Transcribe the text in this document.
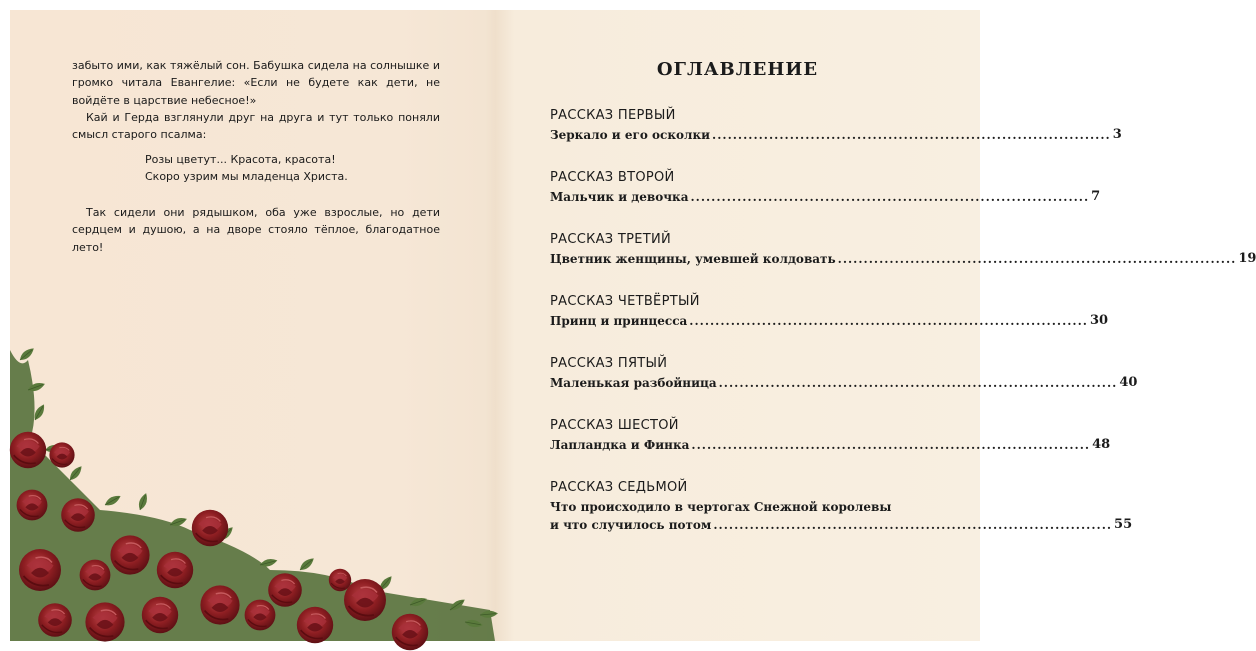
забыто ими, как тяжёлый сон. Бабушка сидела на солнышке и громко читала Евангелие: «Если не будете как дети, не войдёте в царствие небесное!»

Кай и Герда взглянули друг на друга и тут только поняли смысл старого псалма:

Розы цветут... Красота, красота!
Скоро узрим мы младенца Христа.

Так сидели они рядышком, оба уже взрослые, но дети сердцем и душою, а на дворе стояло тёплое, благодатное лето!

ОГЛАВЛЕНИЕ
РАССКАЗ ПЕРВЫЙ
Зеркало и его осколки ............................................................................. 3
РАССКАЗ ВТОРОЙ
Мальчик и девочка ............................................................................. 7
РАССКАЗ ТРЕТИЙ
Цветник женщины, умевшей колдовать ............................................................................. 19
РАССКАЗ ЧЕТВЁРТЫЙ
Принц и принцесса ............................................................................. 30
РАССКАЗ ПЯТЫЙ
Маленькая разбойница ............................................................................. 40
РАССКАЗ ШЕСТОЙ
Лапландка и Финка ............................................................................. 48
РАССКАЗ СЕДЬМОЙ
Что происходило в чертогах Снежной королевы
и что случилось потом ............................................................................. 55
